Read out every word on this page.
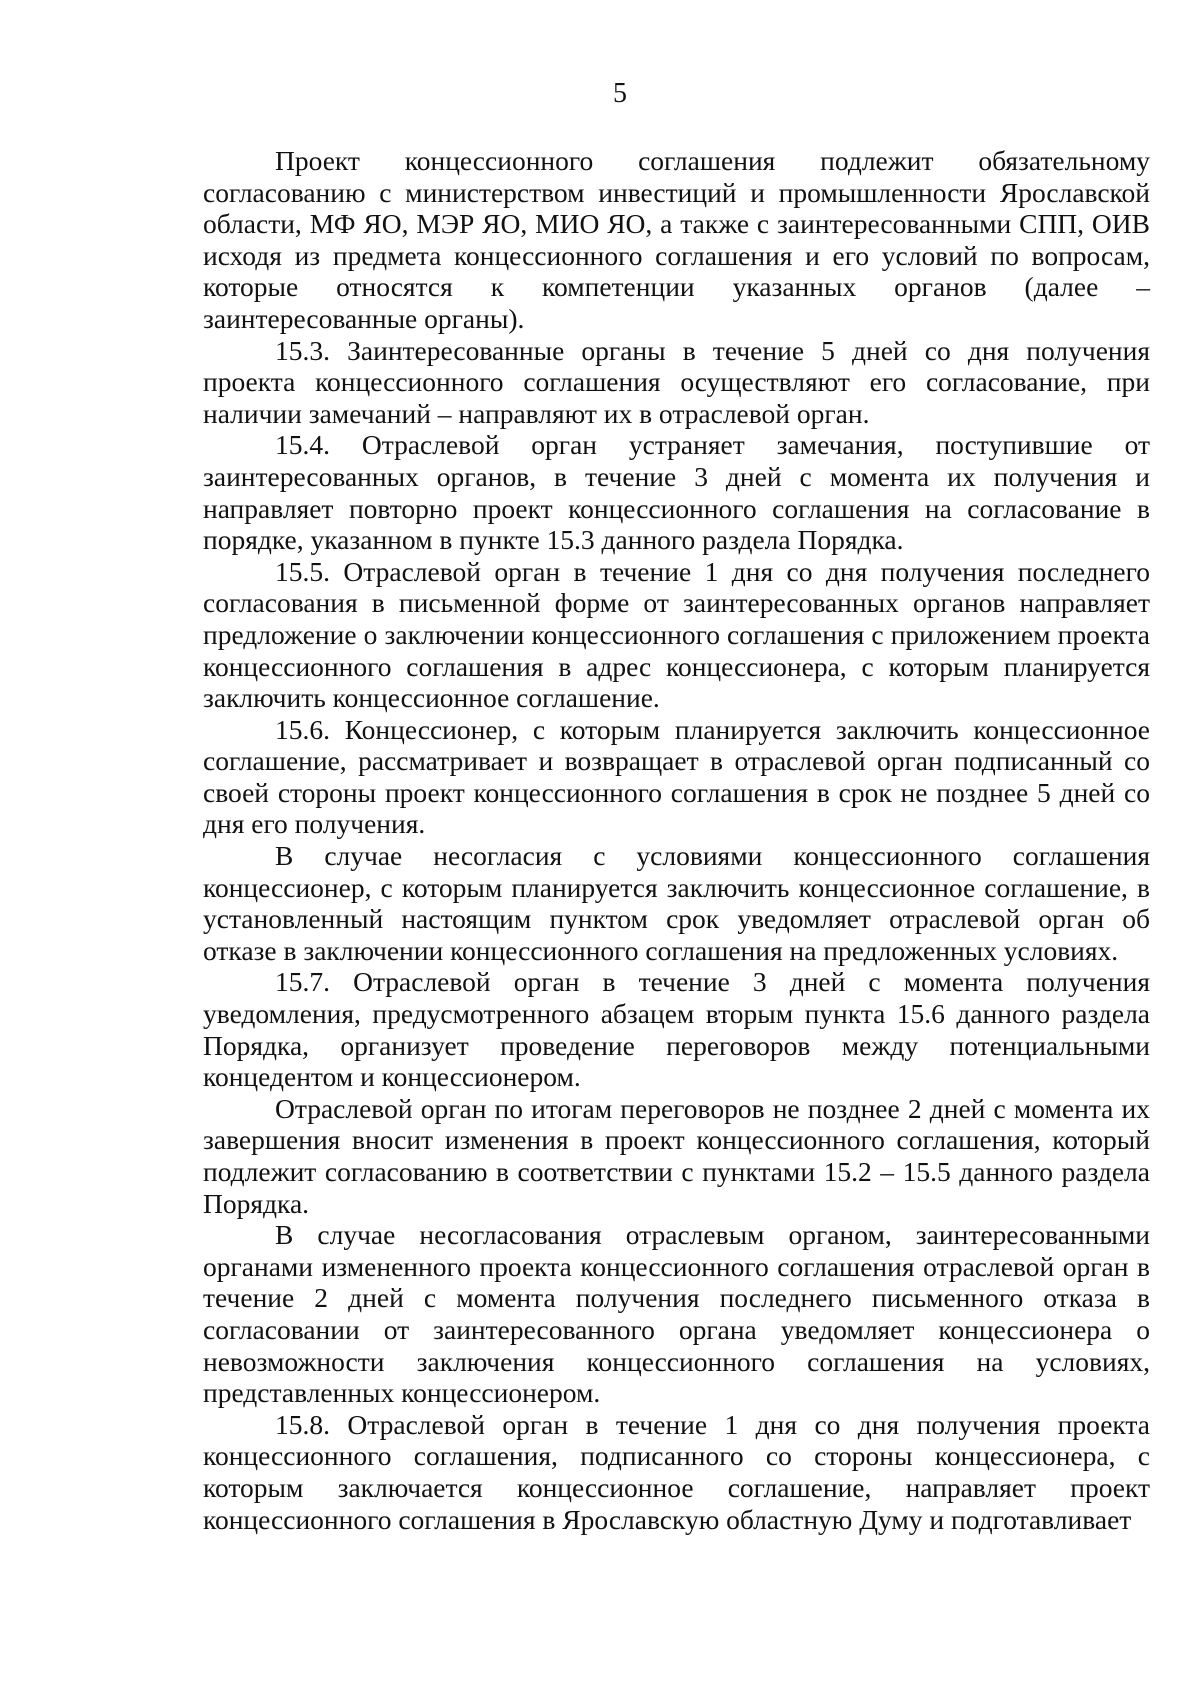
5

Проект концессионного соглашения подлежит обязательному согласованию с министерством инвестиций и промышленности Ярославской области, МФ ЯО, МЭР ЯО, МИО ЯО, а также с заинтересованными СПП, ОИВ исходя из предмета концессионного соглашения и его условий по вопросам, которые относятся к компетенции указанных органов (далее – заинтересованные органы).

15.3. Заинтересованные органы в течение 5 дней со дня получения проекта концессионного соглашения осуществляют его согласование, при наличии замечаний – направляют их в отраслевой орган.

15.4. Отраслевой орган устраняет замечания, поступившие от заинтересованных органов, в течение 3 дней с момента их получения и направляет повторно проект концессионного соглашения на согласование в порядке, указанном в пункте 15.3 данного раздела Порядка.

15.5. Отраслевой орган в течение 1 дня со дня получения последнего согласования в письменной форме от заинтересованных органов направляет предложение о заключении концессионного соглашения с приложением проекта концессионного соглашения в адрес концессионера, с которым планируется заключить концессионное соглашение.

15.6. Концессионер, с которым планируется заключить концессионное соглашение, рассматривает и возвращает в отраслевой орган подписанный со своей стороны проект концессионного соглашения в срок не позднее 5 дней со дня его получения.

В случае несогласия с условиями концессионного соглашения концессионер, с которым планируется заключить концессионное соглашение, в установленный настоящим пунктом срок уведомляет отраслевой орган об отказе в заключении концессионного соглашения на предложенных условиях.

15.7. Отраслевой орган в течение 3 дней с момента получения уведомления, предусмотренного абзацем вторым пункта 15.6 данного раздела Порядка, организует проведение переговоров между потенциальными концедентом и концессионером.

Отраслевой орган по итогам переговоров не позднее 2 дней с момента их завершения вносит изменения в проект концессионного соглашения, который подлежит согласованию в соответствии с пунктами 15.2 – 15.5 данного раздела Порядка.

В случае несогласования отраслевым органом, заинтересованными органами измененного проекта концессионного соглашения отраслевой орган в течение 2 дней с момента получения последнего письменного отказа в согласовании от заинтересованного органа уведомляет концессионера о невозможности заключения концессионного соглашения на условиях, представленных концессионером.

15.8. Отраслевой орган в течение 1 дня со дня получения проекта концессионного соглашения, подписанного со стороны концессионера, с которым заключается концессионное соглашение, направляет проект концессионного соглашения в Ярославскую областную Думу и подготавливает
